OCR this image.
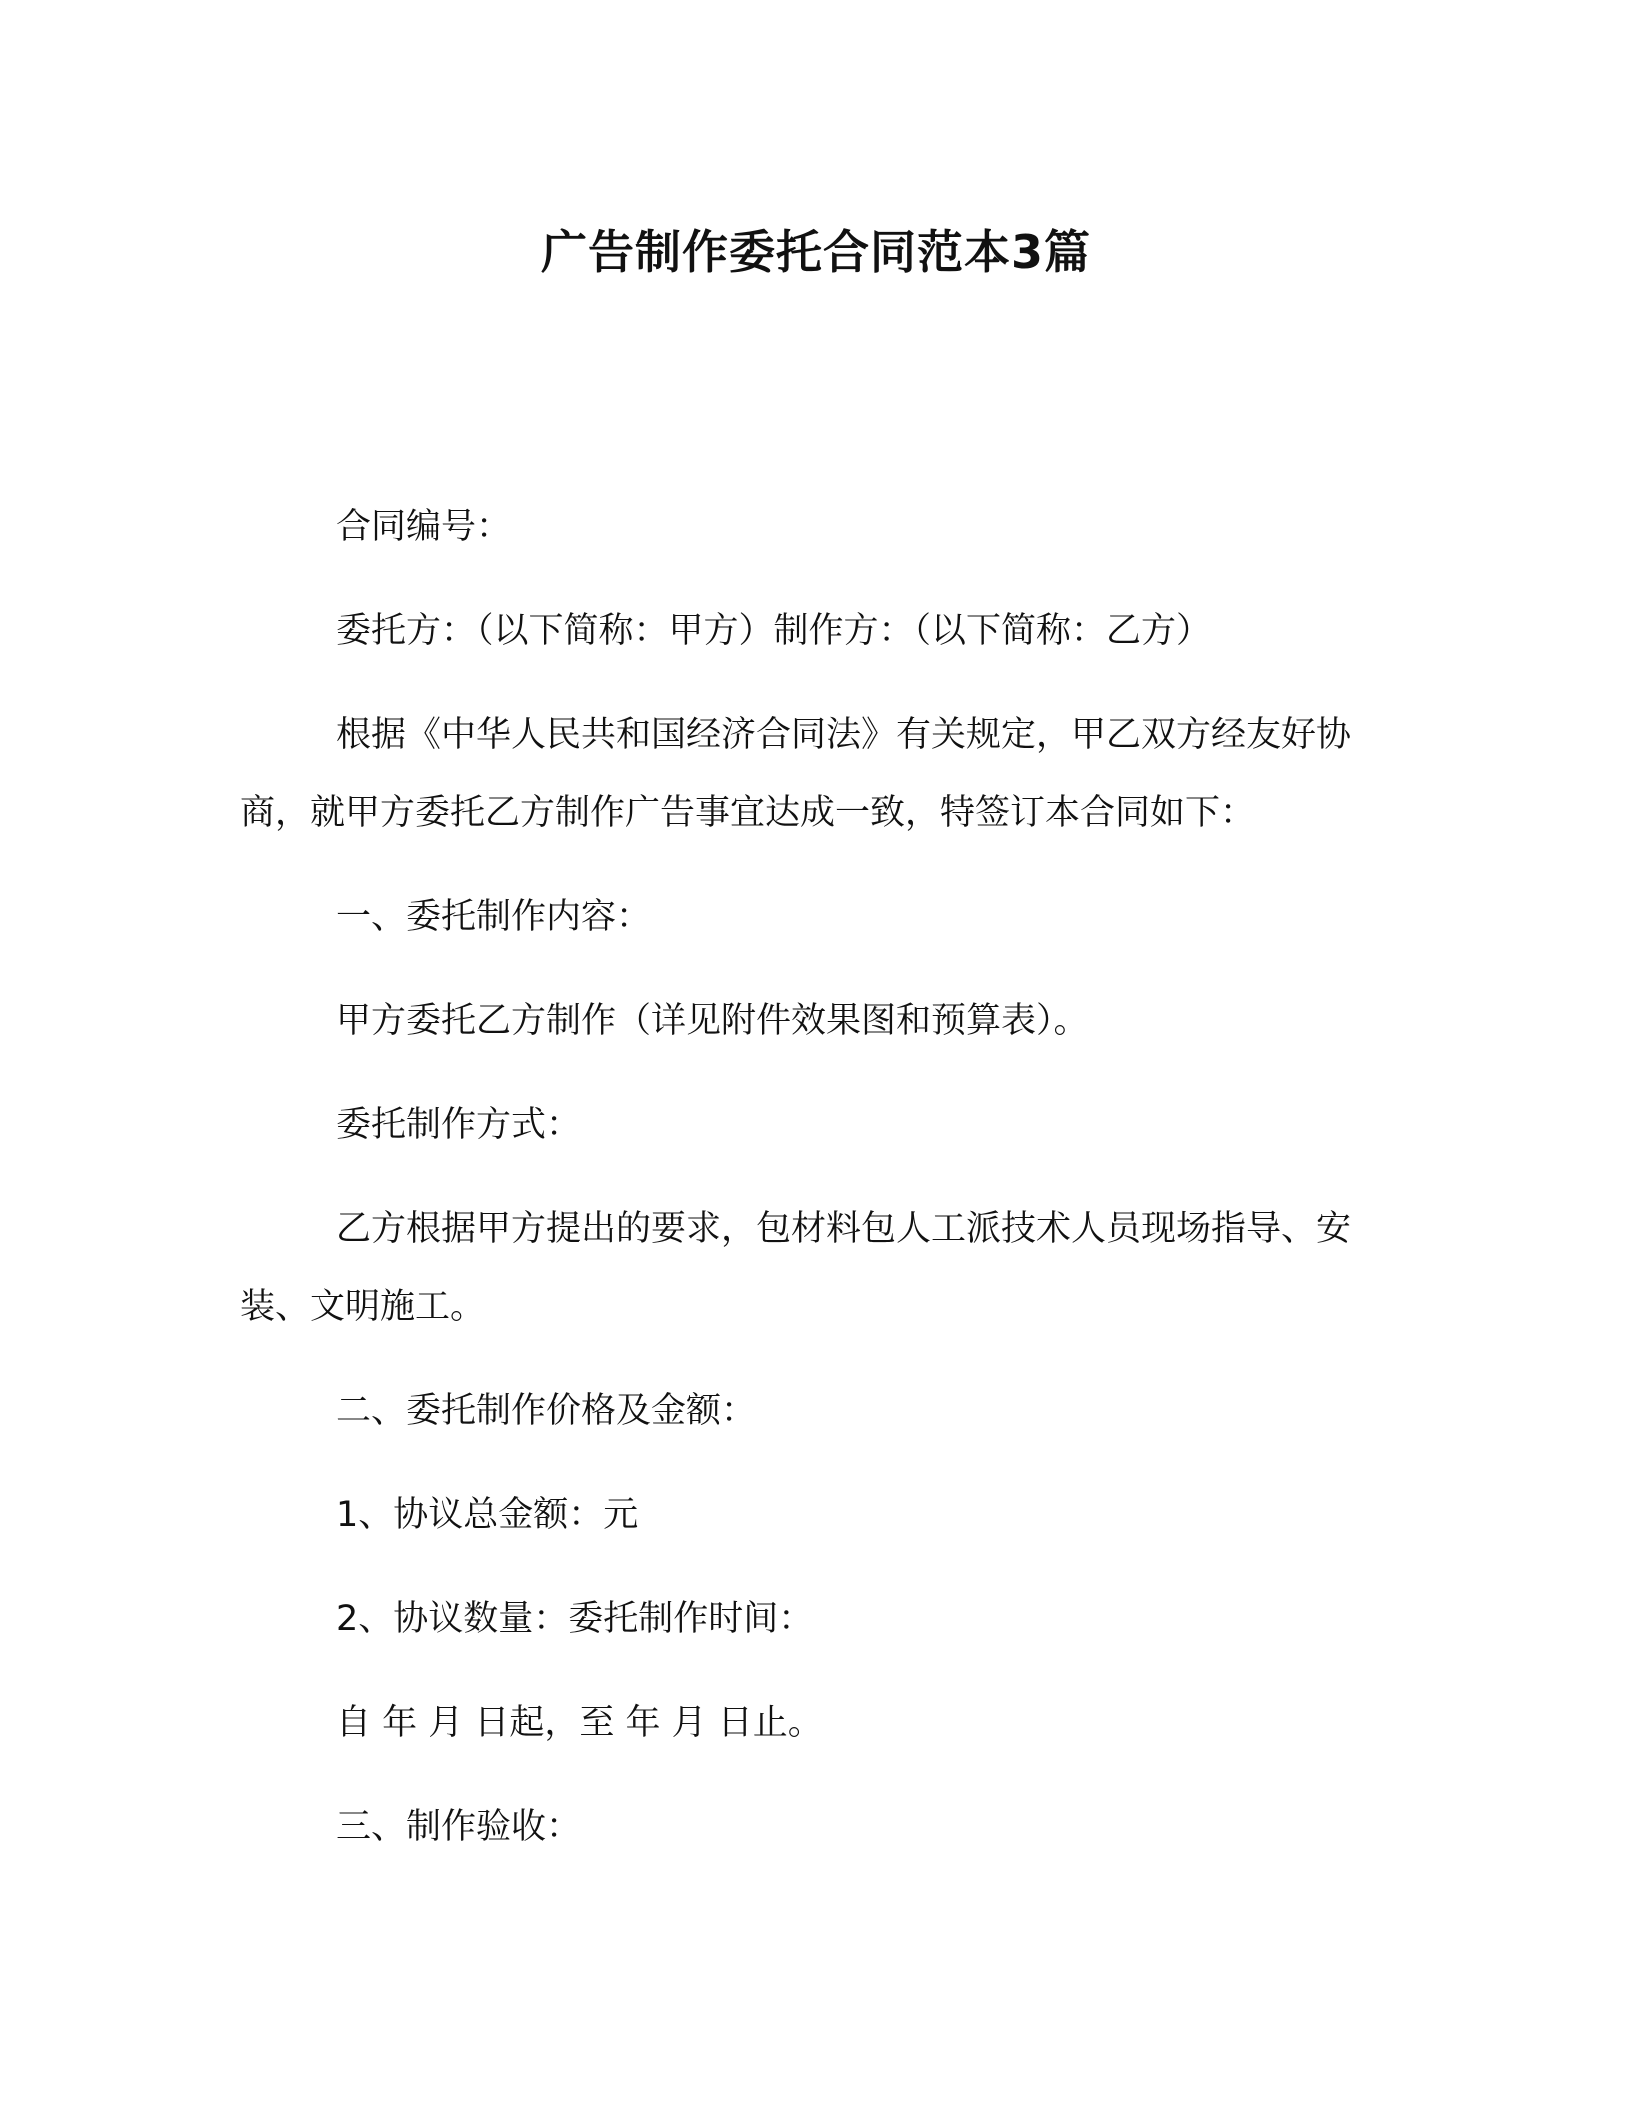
广告制作委托合同范本3篇
合同编号：
委托方：（以下简称：甲方）制作方：（以下简称：乙方）
根据《中华人民共和国经济合同法》有关规定，甲乙双方经友好协商，就甲方委托乙方制作广告事宜达成一致，特签订本合同如下：
一、委托制作内容：
甲方委托乙方制作（详见附件效果图和预算表）。
委托制作方式：
乙方根据甲方提出的要求，包材料包人工派技术人员现场指导、安装、文明施工。
二、委托制作价格及金额：
1、协议总金额：元
2、协议数量：委托制作时间：
自 年 月 日起，至 年 月 日止。
三、制作验收：
